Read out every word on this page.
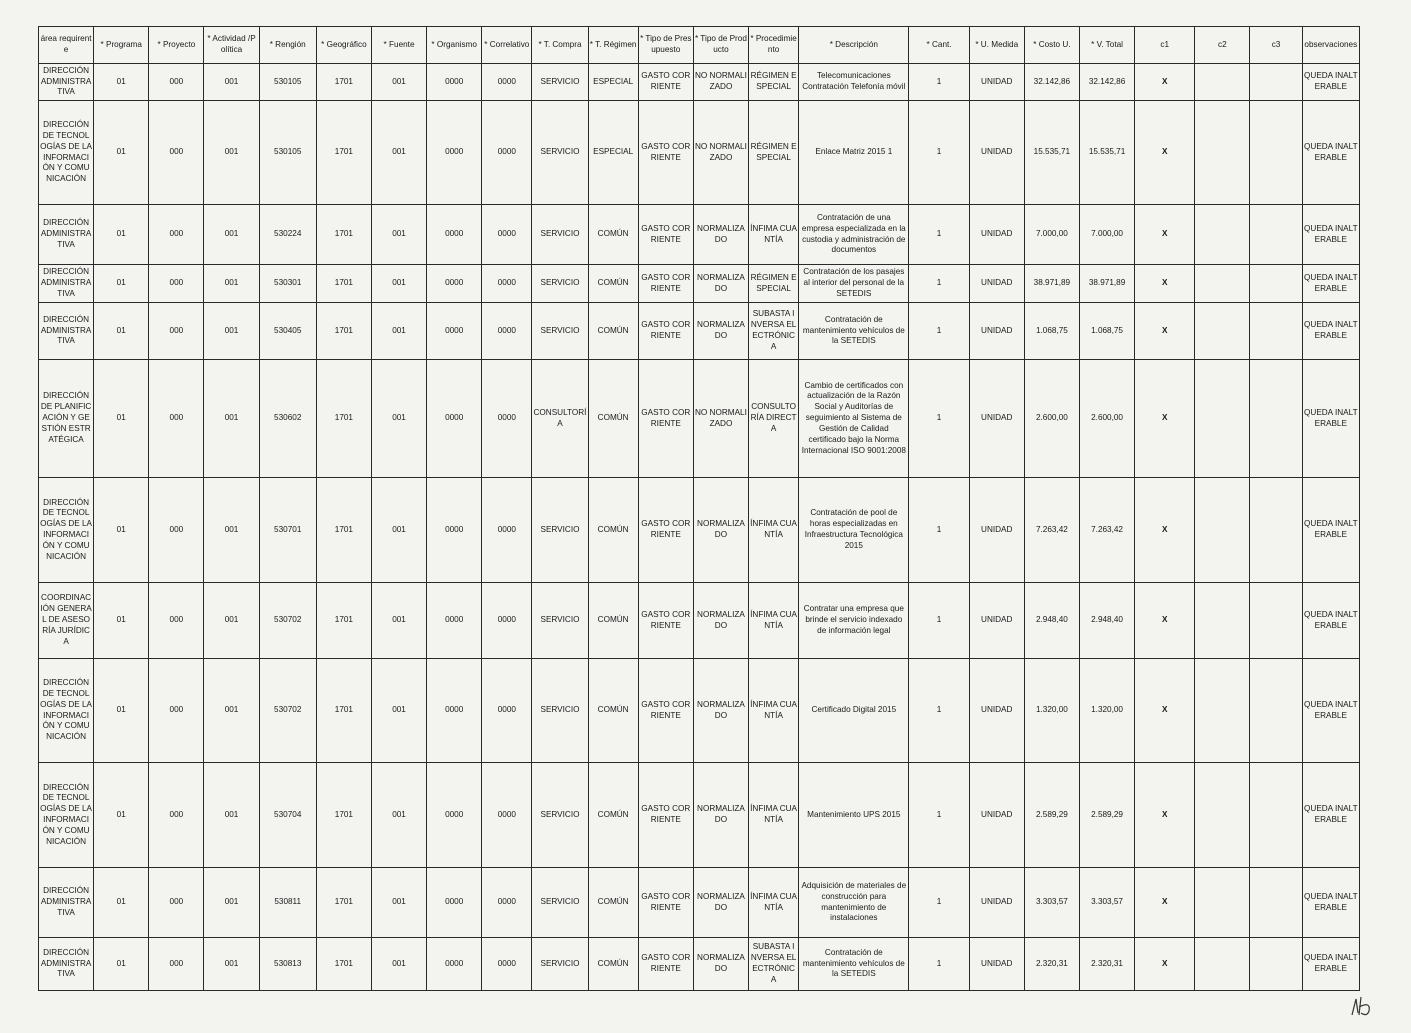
área requirente	* Programa	* Proyecto	* Actividad /Política	* Rengión	* Geográfico	* Fuente	* Organismo	* Correlativo	* T. Compra	* T. Régimen	* Tipo de Presupuesto	* Tipo de Producto	* Procedimiento	* Descripción	* Cant.	* U. Medida	* Costo U.	* V. Total	c1	c2	c3	observaciones
DIRECCIÓN ADMINISTRATIVA	01	000	001	530105	1701	001	0000	0000	SERVICIO	ESPECIAL	GASTO CORRIENTE	NO NORMALIZADO	RÉGIMEN ESPECIAL	Telecomunicaciones Contratación Telefonía móvil	1	UNIDAD	32.142,86	32.142,86	X			QUEDA INALTERABLE
DIRECCIÓN DE TECNOLOGÍAS DE LA INFORMACIÓN Y COMUNICACIÓN	01	000	001	530105	1701	001	0000	0000	SERVICIO	ESPECIAL	GASTO CORRIENTE	NO NORMALIZADO	RÉGIMEN ESPECIAL	Enlace Matriz 2015 1	1	UNIDAD	15.535,71	15.535,71	X			QUEDA INALTERABLE
DIRECCIÓN ADMINISTRATIVA	01	000	001	530224	1701	001	0000	0000	SERVICIO	COMÚN	GASTO CORRIENTE	NORMALIZADO	ÍNFIMA CUANTÍA	Contratación de una empresa especializada en la custodia y administración de documentos	1	UNIDAD	7.000,00	7.000,00	X			QUEDA INALTERABLE
DIRECCIÓN ADMINISTRATIVA	01	000	001	530301	1701	001	0000	0000	SERVICIO	COMÚN	GASTO CORRIENTE	NORMALIZADO	RÉGIMEN ESPECIAL	Contratación de los pasajes al interior del personal de la SETEDIS	1	UNIDAD	38.971,89	38.971,89	X			QUEDA INALTERABLE
DIRECCIÓN ADMINISTRATIVA	01	000	001	530405	1701	001	0000	0000	SERVICIO	COMÚN	GASTO CORRIENTE	NORMALIZADO	SUBASTA INVERSA ELECTRÓNICA	Contratación de mantenimiento vehículos de la SETEDIS	1	UNIDAD	1.068,75	1.068,75	X			QUEDA INALTERABLE
DIRECCIÓN DE PLANIFICACIÓN Y GESTIÓN ESTRATÉGICA	01	000	001	530602	1701	001	0000	0000	CONSULTORÍA	COMÚN	GASTO CORRIENTE	NO NORMALIZADO	CONSULTORÍA DIRECTA	Cambio de certificados con actualización de la Razón Social y Auditorías de seguimiento al Sistema de Gestión de Calidad certificado bajo la Norma Internacional ISO 9001:2008	1	UNIDAD	2.600,00	2.600,00	X			QUEDA INALTERABLE
DIRECCIÓN DE TECNOLOGÍAS DE LA INFORMACIÓN Y COMUNICACIÓN	01	000	001	530701	1701	001	0000	0000	SERVICIO	COMÚN	GASTO CORRIENTE	NORMALIZADO	ÍNFIMA CUANTÍA	Contratación de pool de horas especializadas en Infraestructura Tecnológica 2015	1	UNIDAD	7.263,42	7.263,42	X			QUEDA INALTERABLE
COORDINACIÓN GENERAL DE ASESORÍA JURÍDICA	01	000	001	530702	1701	001	0000	0000	SERVICIO	COMÚN	GASTO CORRIENTE	NORMALIZADO	ÍNFIMA CUANTÍA	Contratar una empresa que brinde el servicio indexado de información legal	1	UNIDAD	2.948,40	2.948,40	X			QUEDA INALTERABLE
DIRECCIÓN DE TECNOLOGÍAS DE LA INFORMACIÓN Y COMUNICACIÓN	01	000	001	530702	1701	001	0000	0000	SERVICIO	COMÚN	GASTO CORRIENTE	NORMALIZADO	ÍNFIMA CUANTÍA	Certificado Digital 2015	1	UNIDAD	1.320,00	1.320,00	X			QUEDA INALTERABLE
DIRECCIÓN DE TECNOLOGÍAS DE LA INFORMACIÓN Y COMUNICACIÓN	01	000	001	530704	1701	001	0000	0000	SERVICIO	COMÚN	GASTO CORRIENTE	NORMALIZADO	ÍNFIMA CUANTÍA	Mantenimiento UPS 2015	1	UNIDAD	2.589,29	2.589,29	X			QUEDA INALTERABLE
DIRECCIÓN ADMINISTRATIVA	01	000	001	530811	1701	001	0000	0000	SERVICIO	COMÚN	GASTO CORRIENTE	NORMALIZADO	ÍNFIMA CUANTÍA	Adquisición de materiales de construcción para mantenimiento de instalaciones	1	UNIDAD	3.303,57	3.303,57	X			QUEDA INALTERABLE
DIRECCIÓN ADMINISTRATIVA	01	000	001	530813	1701	001	0000	0000	SERVICIO	COMÚN	GASTO CORRIENTE	NORMALIZADO	SUBASTA INVERSA ELECTRÓNICA	Contratación de mantenimiento vehículos de la SETEDIS	1	UNIDAD	2.320,31	2.320,31	X			QUEDA INALTERABLE
